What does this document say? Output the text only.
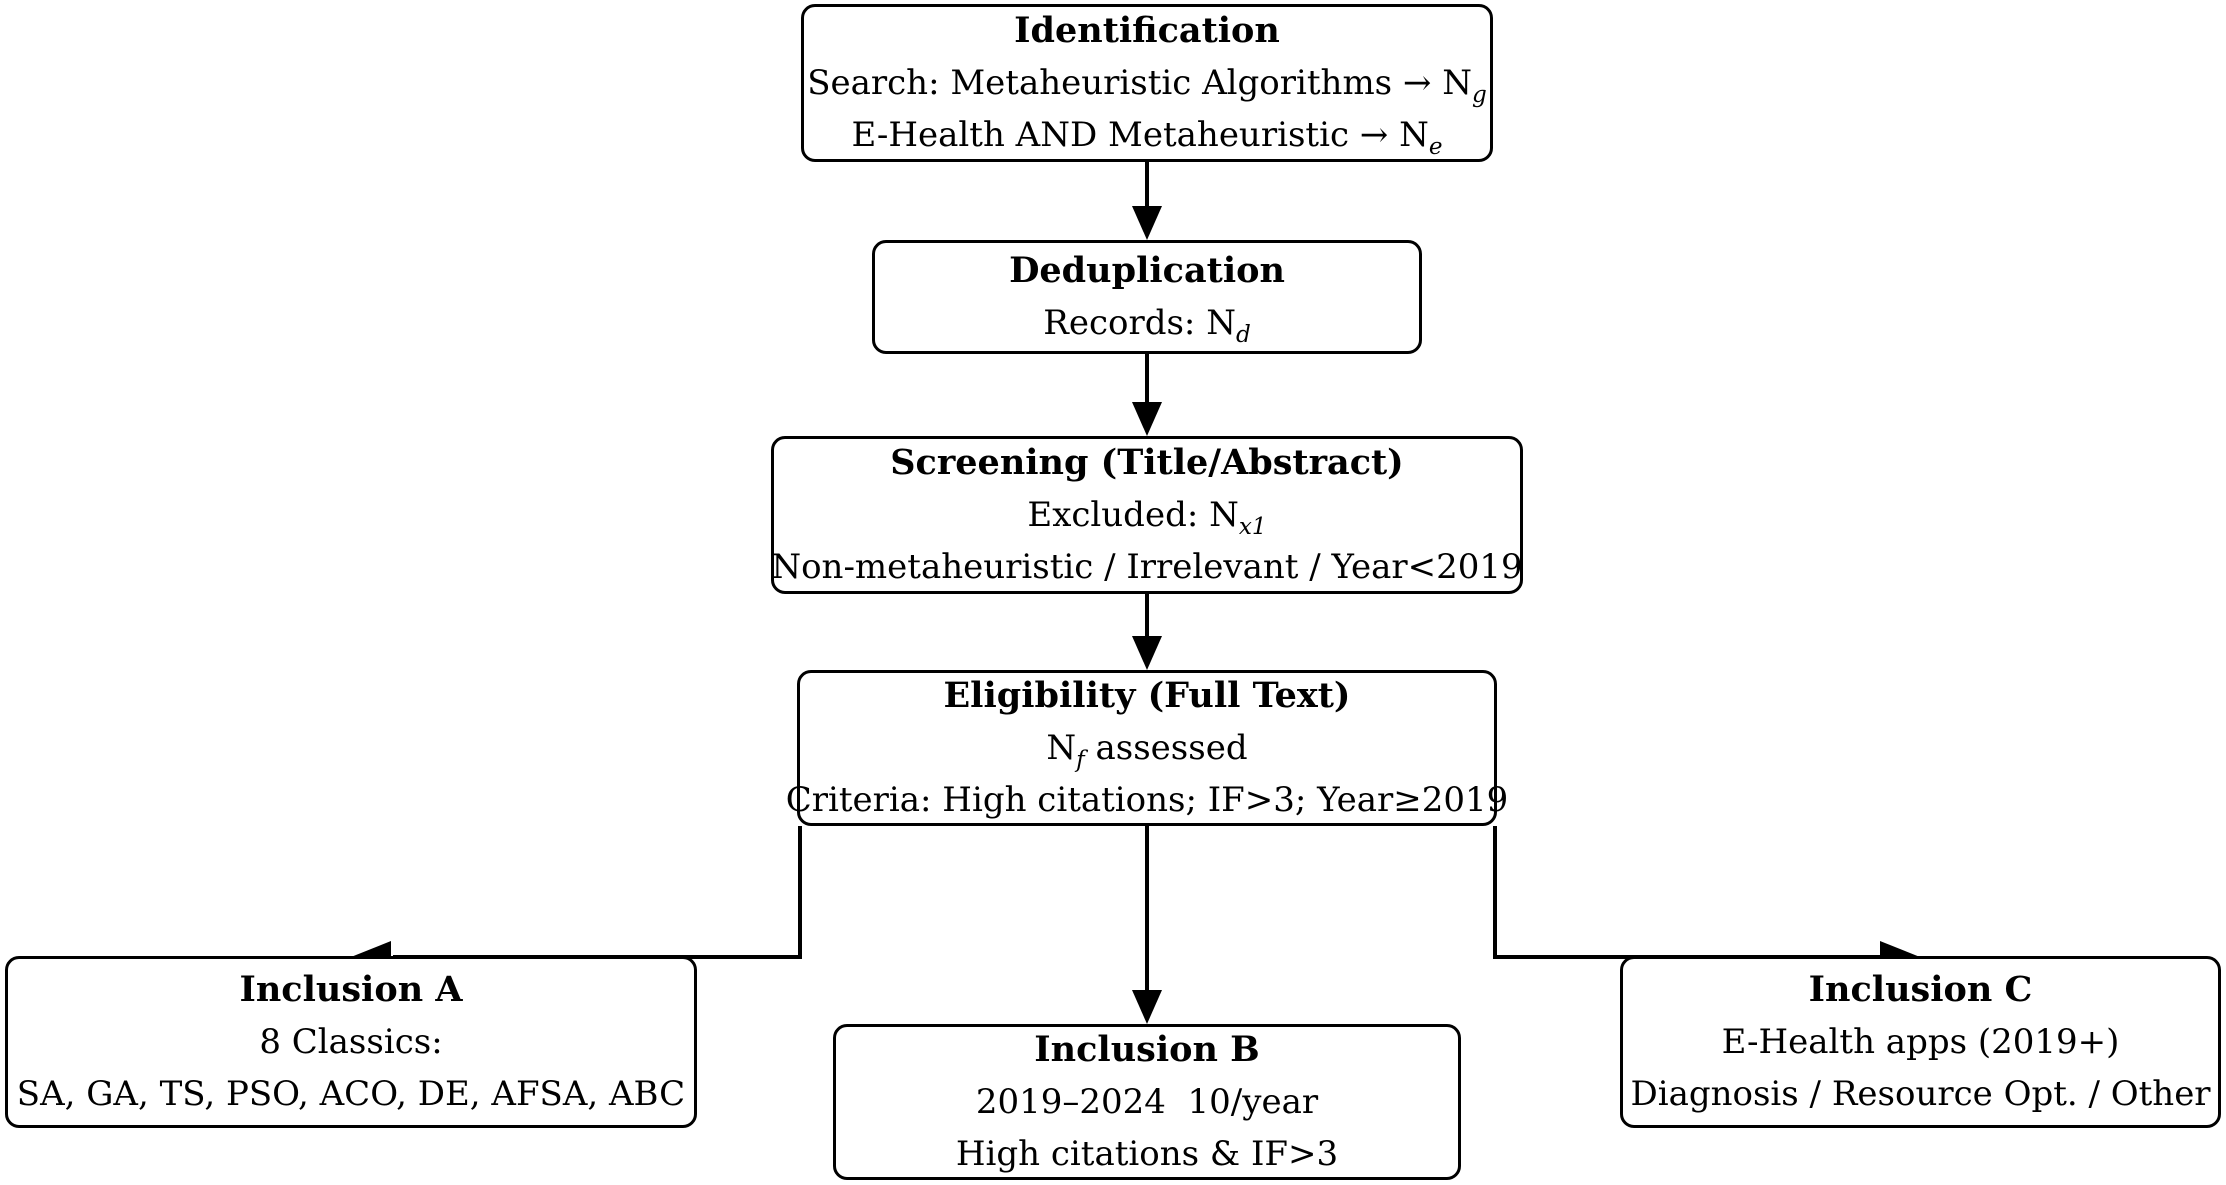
Identification
Search: Metaheuristic Algorithms → $N_g$
E-Health AND Metaheuristic → $N_e$
Deduplication
Records: $N_d$
Screening (Title/Abstract)
Excluded: $N_{x1}$
Non-metaheuristic / Irrelevant / Year<2019
Eligibility (Full Text)
$N_f$ assessed
Criteria: High citations; IF>3; Year≥2019
Inclusion A
8 Classics:
SA, GA, TS, PSO, ACO, DE, AFSA, ABC
Inclusion B
2019–2024  10/year
High citations & IF>3
Inclusion C
E-Health apps (2019+)
Diagnosis / Resource Opt. / Other
